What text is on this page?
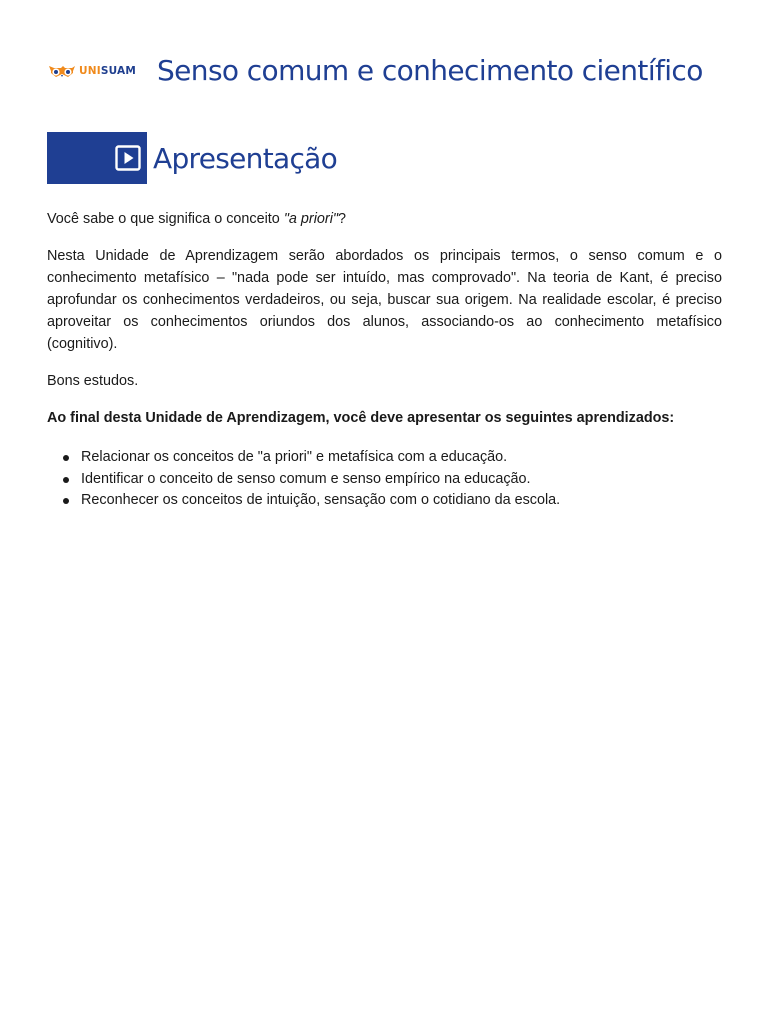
UNISUAM Senso comum e conhecimento científico
Apresentação

Você sabe o que significa o conceito "a priori"?

Nesta Unidade de Aprendizagem serão abordados os principais termos, o senso comum e o conhecimento metafísico – "nada pode ser intuído, mas comprovado". Na teoria de Kant, é preciso aprofundar os conhecimentos verdadeiros, ou seja, buscar sua origem. Na realidade escolar, é preciso aproveitar os conhecimentos oriundos dos alunos, associando-os ao conhecimento metafísico (cognitivo).

Bons estudos.

Ao final desta Unidade de Aprendizagem, você deve apresentar os seguintes aprendizados:

Relacionar os conceitos de "a priori" e metafísica com a educação.
Identificar o conceito de senso comum e senso empírico na educação.
Reconhecer os conceitos de intuição, sensação com o cotidiano da escola.
